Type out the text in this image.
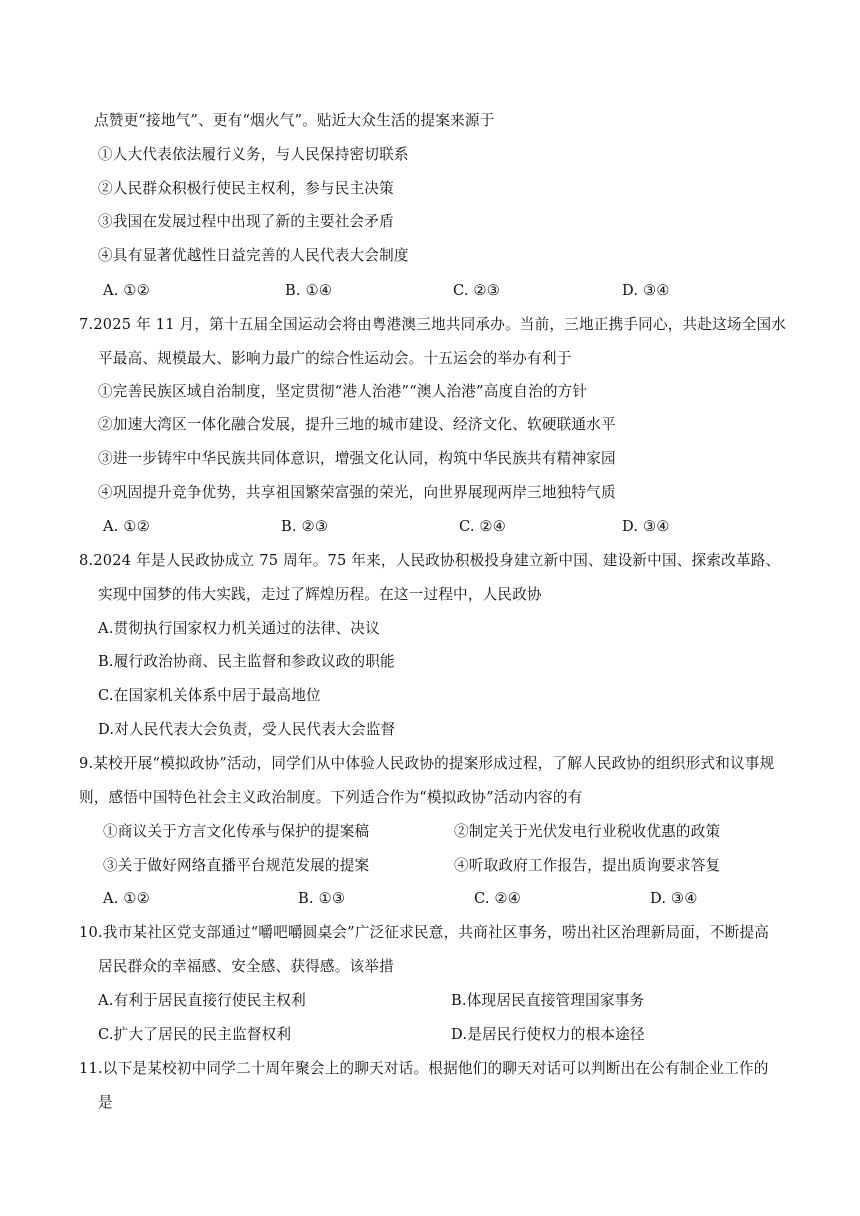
点赞更“接地气”、更有“烟火气”。贴近大众生活的提案来源于
①人大代表依法履行义务，与人民保持密切联系
②人民群众积极行使民主权利，参与民主决策
③我国在发展过程中出现了新的主要社会矛盾
④具有显著优越性日益完善的人民代表大会制度
A. ①②	B. ①④	C. ②③	D. ③④
7.2025 年 11 月，第十五届全国运动会将由粤港澳三地共同承办。当前，三地正携手同心，共赴这场全国水
平最高、规模最大、影响力最广的综合性运动会。十五运会的举办有利于
①完善民族区域自治制度，坚定贯彻“港人治港”“澳人治港”高度自治的方针
②加速大湾区一体化融合发展，提升三地的城市建设、经济文化、软硬联通水平
③进一步铸牢中华民族共同体意识，增强文化认同，构筑中华民族共有精神家园
④巩固提升竞争优势，共享祖国繁荣富强的荣光，向世界展现两岸三地独特气质
A. ①②	B. ②③	C. ②④	D. ③④
8.2024 年是人民政协成立 75 周年。75 年来，人民政协积极投身建立新中国、建设新中国、探索改革路、
实现中国梦的伟大实践，走过了辉煌历程。在这一过程中，人民政协
A.贯彻执行国家权力机关通过的法律、决议
B.履行政治协商、民主监督和参政议政的职能
C.在国家机关体系中居于最高地位
D.对人民代表大会负责，受人民代表大会监督
9.某校开展“模拟政协”活动，同学们从中体验人民政协的提案形成过程，了解人民政协的组织形式和议事规
则，感悟中国特色社会主义政治制度。下列适合作为“模拟政协”活动内容的有
①商议关于方言文化传承与保护的提案稿	②制定关于光伏发电行业税收优惠的政策
③关于做好网络直播平台规范发展的提案	④听取政府工作报告，提出质询要求答复
A. ①②	B. ①③	C. ②④	D. ③④
10.我市某社区党支部通过“嚼吧嚼圆桌会”广泛征求民意，共商社区事务，唠出社区治理新局面，不断提高
居民群众的幸福感、安全感、获得感。该举措
A.有利于居民直接行使民主权利	B.体现居民直接管理国家事务
C.扩大了居民的民主监督权利	D.是居民行使权力的根本途径
11.以下是某校初中同学二十周年聚会上的聊天对话。根据他们的聊天对话可以判断出在公有制企业工作的
是
